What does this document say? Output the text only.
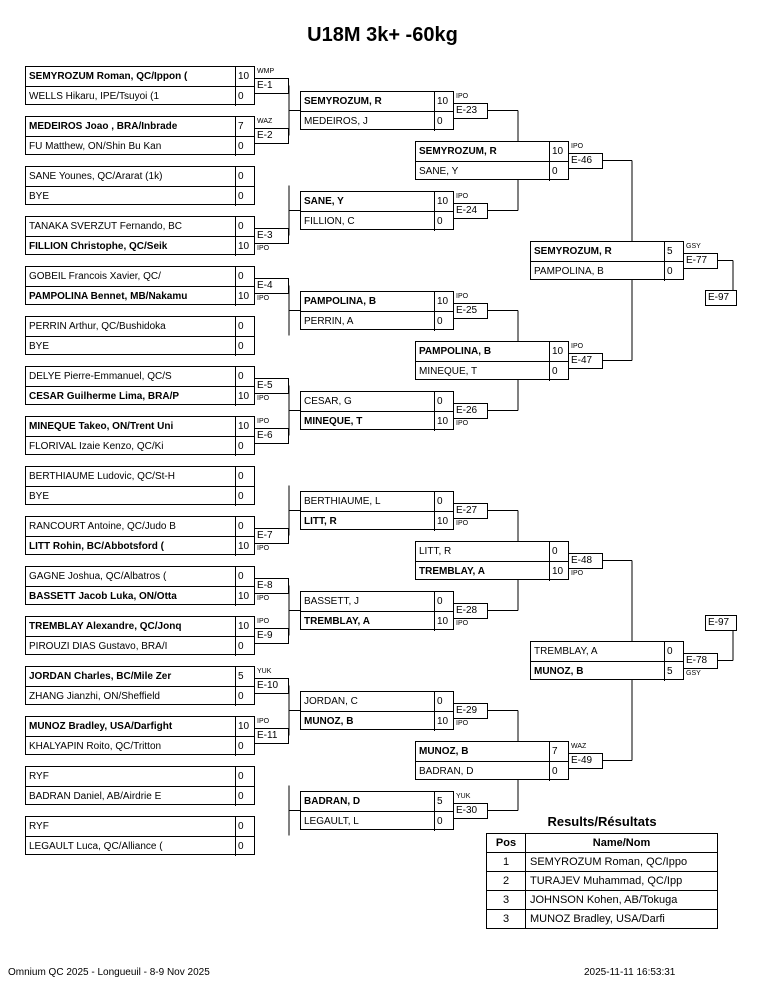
U18M 3k+ -60kg
SEMYROZUM Roman, QC/Ippon (	10
WELLS Hikaru, IPE/Tsuyoi (1	0
E-1
WMP
MEDEIROS Joao , BRA/Inbrade	7
FU Matthew, ON/Shin Bu Kan	0
E-2
WAZ
SANE Younes, QC/Ararat (1k)	0
BYE	0
TANAKA SVERZUT Fernando, BC	0
FILLION Christophe, QC/Seik	10
E-3
IPO
GOBEIL Francois Xavier, QC/	0
PAMPOLINA Bennet, MB/Nakamu	10
E-4
IPO
PERRIN Arthur, QC/Bushidoka	0
BYE	0
DELYE Pierre-Emmanuel, QC/S	0
CESAR Guilherme Lima, BRA/P	10
E-5
IPO
MINEQUE Takeo, ON/Trent Uni	10
FLORIVAL Izaie Kenzo, QC/Ki	0
E-6
IPO
BERTHIAUME Ludovic, QC/St-H	0
BYE	0
RANCOURT Antoine, QC/Judo B	0
LITT Rohin, BC/Abbotsford (	10
E-7
IPO
GAGNE Joshua, QC/Albatros (	0
BASSETT Jacob Luka, ON/Otta	10
E-8
IPO
TREMBLAY Alexandre, QC/Jonq	10
PIROUZI DIAS Gustavo, BRA/I	0
E-9
IPO
JORDAN Charles, BC/Mile Zer	5
ZHANG Jianzhi, ON/Sheffield	0
E-10
YUK
MUNOZ Bradley, USA/Darfight	10
KHALYAPIN Roito, QC/Tritton	0
E-11
IPO
RYF	0
BADRAN Daniel, AB/Airdrie E	0
RYF	0
LEGAULT Luca, QC/Alliance (	0
SEMYROZUM, R	10
MEDEIROS, J	0
E-23
IPO
SANE, Y	10
FILLION, C	0
E-24
IPO
PAMPOLINA, B	10
PERRIN, A	0
E-25
IPO
CESAR, G	0
MINEQUE, T	10
E-26
IPO
BERTHIAUME, L	0
LITT, R	10
E-27
IPO
BASSETT, J	0
TREMBLAY, A	10
E-28
IPO
JORDAN, C	0
MUNOZ, B	10
E-29
IPO
BADRAN, D	5
LEGAULT, L	0
E-30
YUK
SEMYROZUM, R	10
SANE, Y	0
E-46
IPO
PAMPOLINA, B	10
MINEQUE, T	0
E-47
IPO
LITT, R	0
TREMBLAY, A	10
E-48
IPO
MUNOZ, B	7
BADRAN, D	0
E-49
WAZ
SEMYROZUM, R	5
PAMPOLINA, B	0
E-77
GSY
E-97
TREMBLAY, A	0
MUNOZ, B	5
E-78
GSY
E-97
Results/Résultats
Pos	Name/Nom
1	SEMYROZUM Roman, QC/Ippo
2	TURAJEV Muhammad, QC/Ipp
3	JOHNSON Kohen, AB/Tokuga
3	MUNOZ Bradley, USA/Darfi
Omnium QC 2025 - Longueuil - 8-9 Nov 2025	2025-11-11 16:53:31
